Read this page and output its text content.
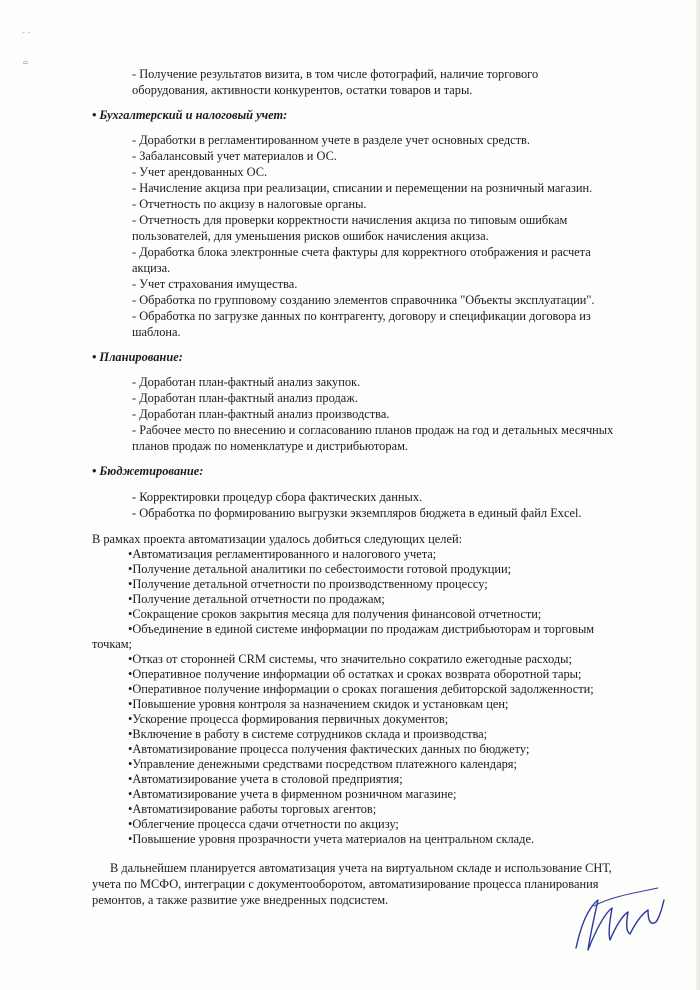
- -
=
- Получение результатов визита, в том числе фотографий, наличие торгового
оборудования, активности конкурентов, остатки товаров и тары.
• Бухгалтерский и налоговый учет:
- Доработки в регламентированном учете в разделе учет основных средств.
- Забалансовый учет материалов и ОС.
- Учет арендованных ОС.
- Начисление акциза при реализации, списании и перемещении на розничный магазин.
- Отчетность по акцизу в налоговые органы.
- Отчетность для проверки корректности начисления акциза по типовым ошибкам
пользователей, для уменьшения рисков ошибок начисления акциза.
- Доработка блока электронные счета фактуры для корректного отображения и расчета
акциза.
- Учет страхования имущества.
- Обработка по групповому созданию элементов справочника "Объекты эксплуатации".
- Обработка по загрузке данных по контрагенту, договору и спецификации договора из
шаблона.
• Планирование:
- Доработан план-фактный анализ закупок.
- Доработан план-фактный анализ продаж.
- Доработан план-фактный анализ производства.
- Рабочее место по внесению и согласованию планов продаж на год и детальных месячных
планов продаж по номенклатуре и дистрибьюторам.
• Бюджетирование:
- Корректировки процедур сбора фактических данных.
- Обработка по формированию выгрузки экземпляров бюджета в единый файл Excel.
В рамках проекта автоматизации удалось добиться следующих целей:
•Автоматизация регламентированного и налогового учета;
•Получение детальной аналитики по себестоимости готовой продукции;
•Получение детальной отчетности по производственному процессу;
•Получение детальной отчетности по продажам;
•Сокращение сроков закрытия месяца для получения финансовой отчетности;
•Объединение в единой системе информации по продажам дистрибьюторам и торговым
точкам;
•Отказ от сторонней CRM системы, что значительно сократило ежегодные расходы;
•Оперативное получение информации об остатках и сроках возврата оборотной тары;
•Оперативное получение информации о сроках погашения дебиторской задолженности;
•Повышение уровня контроля за назначением скидок и установкам цен;
•Ускорение процесса формирования первичных документов;
•Включение в работу в системе сотрудников склада и производства;
•Автоматизирование процесса получения фактических данных по бюджету;
•Управление денежными средствами посредством платежного календаря;
•Автоматизирование учета в столовой предприятия;
•Автоматизирование учета в фирменном розничном магазине;
•Автоматизирование работы торговых агентов;
•Облегчение процесса сдачи отчетности по акцизу;
•Повышение уровня прозрачности учета материалов на центральном складе.
В дальнейшем планируется автоматизация учета на виртуальном складе и использование СНТ,
учета по МСФО, интеграции с документооборотом, автоматизирование процесса планирования
ремонтов, а также развитие уже внедренных подсистем.
